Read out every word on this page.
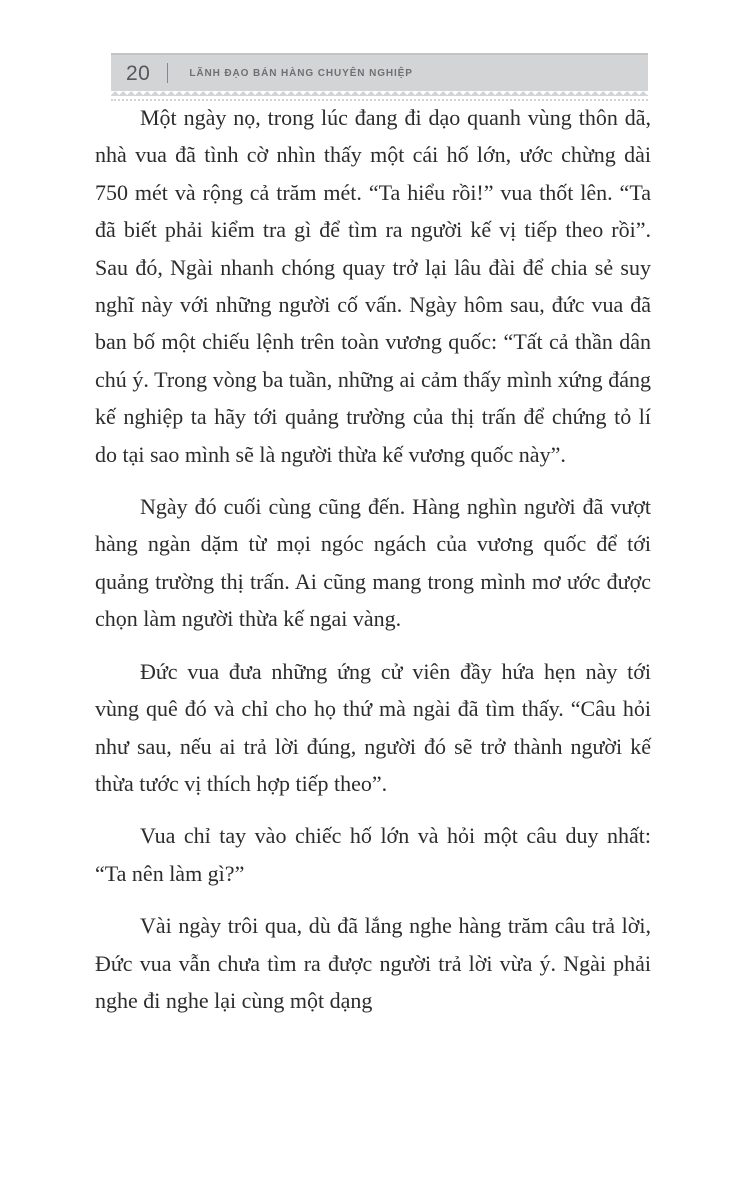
20	LÃNH ĐẠO BÁN HÀNG CHUYÊN NGHIỆP

Một ngày nọ, trong lúc đang đi dạo quanh vùng thôn dã, nhà vua đã tình cờ nhìn thấy một cái hố lớn, ước chừng dài 750 mét và rộng cả trăm mét. “Ta hiểu rồi!” vua thốt lên. “Ta đã biết phải kiểm tra gì để tìm ra người kế vị tiếp theo rồi”. Sau đó, Ngài nhanh chóng quay trở lại lâu đài để chia sẻ suy nghĩ này với những người cố vấn. Ngày hôm sau, đức vua đã ban bố một chiếu lệnh trên toàn vương quốc: “Tất cả thần dân chú ý. Trong vòng ba tuần, những ai cảm thấy mình xứng đáng kế nghiệp ta hãy tới quảng trường của thị trấn để chứng tỏ lí do tại sao mình sẽ là người thừa kế vương quốc này”.

Ngày đó cuối cùng cũng đến. Hàng nghìn người đã vượt hàng ngàn dặm từ mọi ngóc ngách của vương quốc để tới quảng trường thị trấn. Ai cũng mang trong mình mơ ước được chọn làm người thừa kế ngai vàng.

Đức vua đưa những ứng cử viên đầy hứa hẹn này tới vùng quê đó và chỉ cho họ thứ mà ngài đã tìm thấy. “Câu hỏi như sau, nếu ai trả lời đúng, người đó sẽ trở thành người kế thừa tước vị thích hợp tiếp theo”.

Vua chỉ tay vào chiếc hố lớn và hỏi một câu duy nhất: “Ta nên làm gì?”

Vài ngày trôi qua, dù đã lắng nghe hàng trăm câu trả lời, Đức vua vẫn chưa tìm ra được người trả lời vừa ý. Ngài phải nghe đi nghe lại cùng một dạng
